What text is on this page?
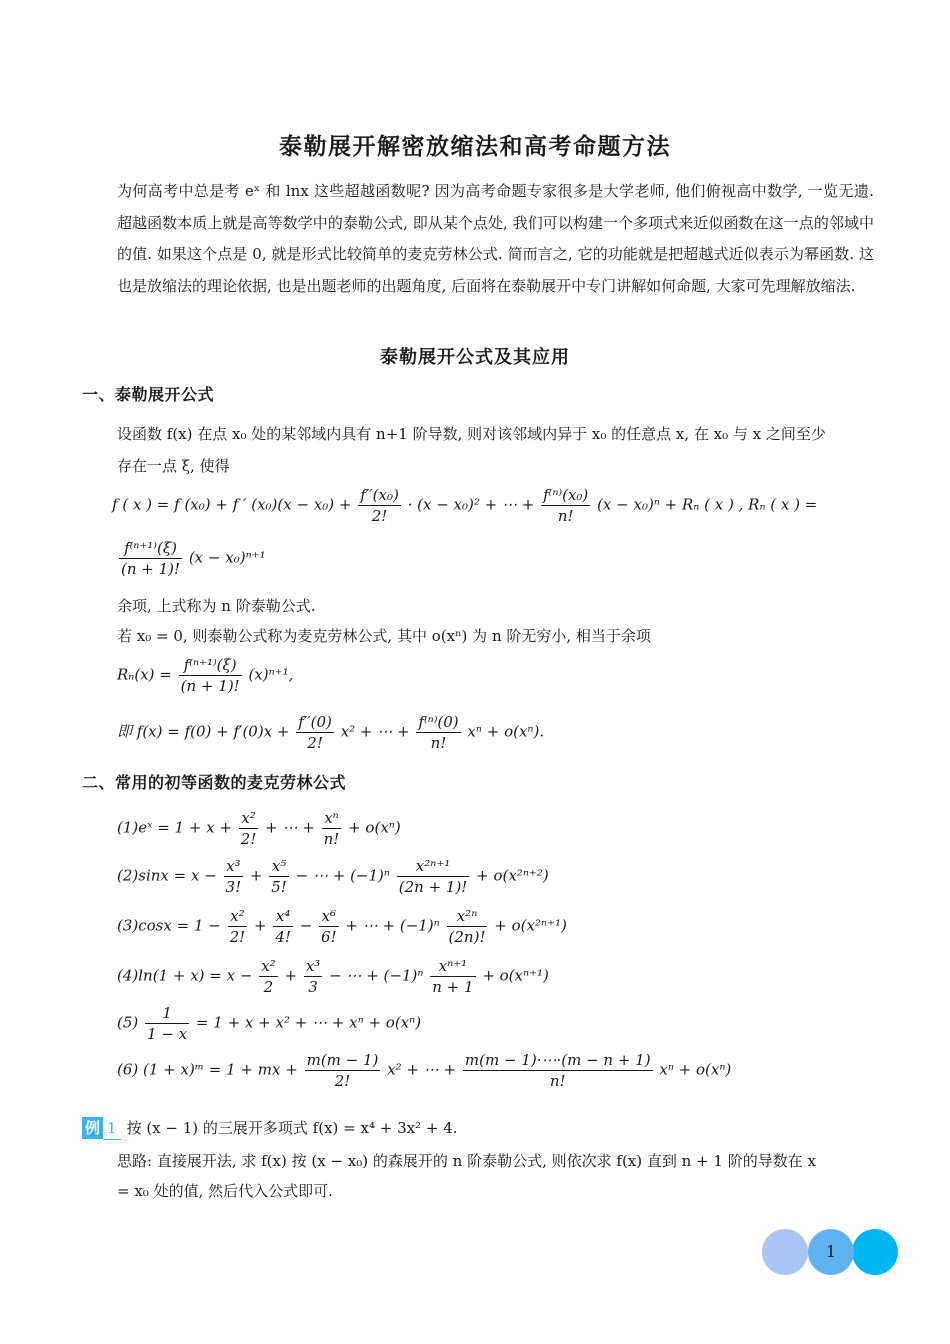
泰勒展开解密放缩法和高考命题方法
为何高考中总是考 eˣ 和 lnx 这些超越函数呢? 因为高考命题专家很多是大学老师, 他们俯视高中数学, 一览无遗. 超越函数本质上就是高等数学中的泰勒公式, 即从某个点处, 我们可以构建一个多项式来近似函数在这一点的邻域中的值. 如果这个点是 0, 就是形式比较简单的麦克劳林公式. 简而言之, 它的功能就是把超越式近似表示为幂函数. 这也是放缩法的理论依据, 也是出题老师的出题角度, 后面将在泰勒展开中专门讲解如何命题, 大家可先理解放缩法.
泰勒展开公式及其应用
一、泰勒展开公式
设函数 f(x) 在点 x₀ 处的某邻域内具有 n+1 阶导数, 则对该邻域内异于 x₀ 的任意点 x, 在 x₀ 与 x 之间至少
存在一点 ξ, 使得
f ( x ) = f (x₀) + f ′ $(x_0)(x - x_0) + \frac{\text{f′′(x₀)}}{2!} \cdot (x - x_0)^2$ + ⋯ + $\frac{\text{f⁽ⁿ⁾(x₀)}}{n!} (x - x_0)^n + R_n$ ( x ) , Rₙ ( x ) =
$\frac{\text{f⁽ⁿ⁺¹⁾(ξ)}}{(n + 1)!} (x - x_0)^{n+1}$
余项, 上式称为 n 阶泰勒公式.
若 x₀ = 0, 则泰勒公式称为麦克劳林公式, 其中 o(xⁿ) 为 n 阶无穷小, 相当于余项
$R_n(x) = \frac{\text{f⁽ⁿ⁺¹⁾(ξ)}}{(n + 1)!} (x)^{n+1}$,
即 $f(x) = f(0) + f'(0)x + \frac{f''(0)}{2!} x^2$ + ⋯ + $\frac{\text{f⁽ⁿ⁾(0)}}{n!}$ xⁿ + o(xⁿ).
二、常用的初等函数的麦克劳林公式
(1)eˣ = $1 + x + \frac{\text{x²}}{2!}$ + ⋯ + $\frac{\text{xⁿ}}{n!} + o(x^n)$
$(2)\sin x = x - \frac{\text{x³}}{3!} + \frac{\text{x⁵}}{5!}$ − ⋯ + $(-1)^n \frac{\text{x²ⁿ⁺¹}}{(2n + 1)!} + o(x^{2n+2})$
$(3)\cos x = 1 - \frac{\text{x²}}{2!} + \frac{\text{x⁴}}{4!} - \frac{\text{x⁶}}{6!}$ + ⋯ + $(-1)^n \frac{\text{x²ⁿ}}{(2n)!} + o(x^{2n+1})$
$(4)\ln(1 + x) = x - \frac{\text{x²}}{2} + \frac{\text{x³}}{3}$ − ⋯ + $(-1)^n \frac{\text{xⁿ⁺¹}}{n + 1} + o(x^{n+1})$
$(5) \frac{1}{1 - x} = 1 + x + x^2$ + ⋯ + xⁿ + o(xⁿ)
(6) (1 + x)ᵐ = 1 + mx + $\frac{m(m - 1)}{2!} x^2$ + ⋯ + $\frac{m(m - 1)\cdot\cdots\cdot(m - n + 1)}{n!}$ xⁿ + o(xⁿ)
例 1 按 (x − 1) 的三展开多项式 f(x) = x⁴ + 3x² + 4.
思路: 直接展开法, 求 f(x) 按 (x − x₀) 的森展开的 n 阶泰勒公式, 则依次求 f(x) 直到 n + 1 阶的导数在 x
= x₀ 处的值, 然后代入公式即可.
1
